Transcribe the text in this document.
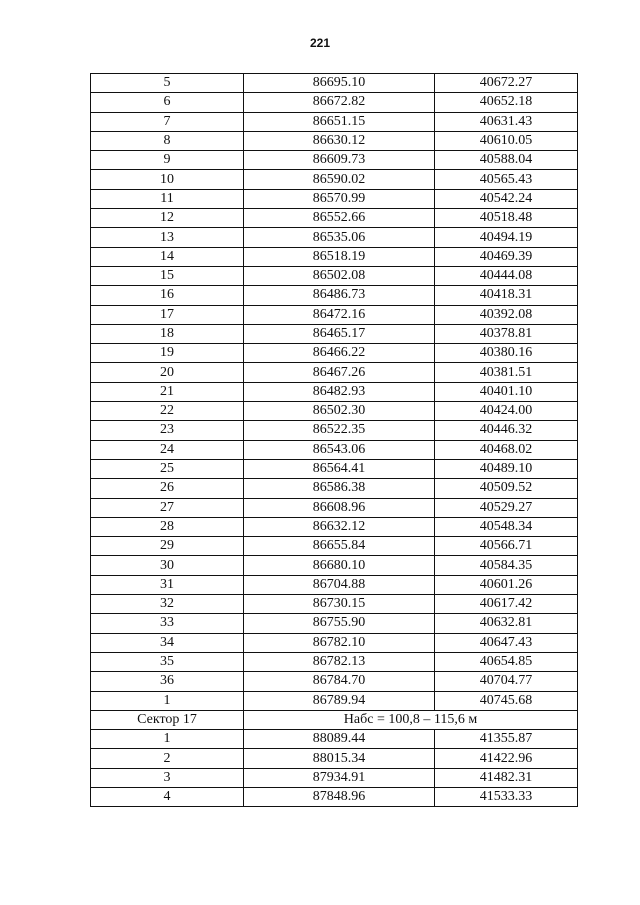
221
5	86695.10	40672.27
6	86672.82	40652.18
7	86651.15	40631.43
8	86630.12	40610.05
9	86609.73	40588.04
10	86590.02	40565.43
11	86570.99	40542.24
12	86552.66	40518.48
13	86535.06	40494.19
14	86518.19	40469.39
15	86502.08	40444.08
16	86486.73	40418.31
17	86472.16	40392.08
18	86465.17	40378.81
19	86466.22	40380.16
20	86467.26	40381.51
21	86482.93	40401.10
22	86502.30	40424.00
23	86522.35	40446.32
24	86543.06	40468.02
25	86564.41	40489.10
26	86586.38	40509.52
27	86608.96	40529.27
28	86632.12	40548.34
29	86655.84	40566.71
30	86680.10	40584.35
31	86704.88	40601.26
32	86730.15	40617.42
33	86755.90	40632.81
34	86782.10	40647.43
35	86782.13	40654.85
36	86784.70	40704.77
1	86789.94	40745.68
Сектор 17	Набс = 100,8 – 115,6 м	
1	88089.44	41355.87
2	88015.34	41422.96
3	87934.91	41482.31
4	87848.96	41533.33
